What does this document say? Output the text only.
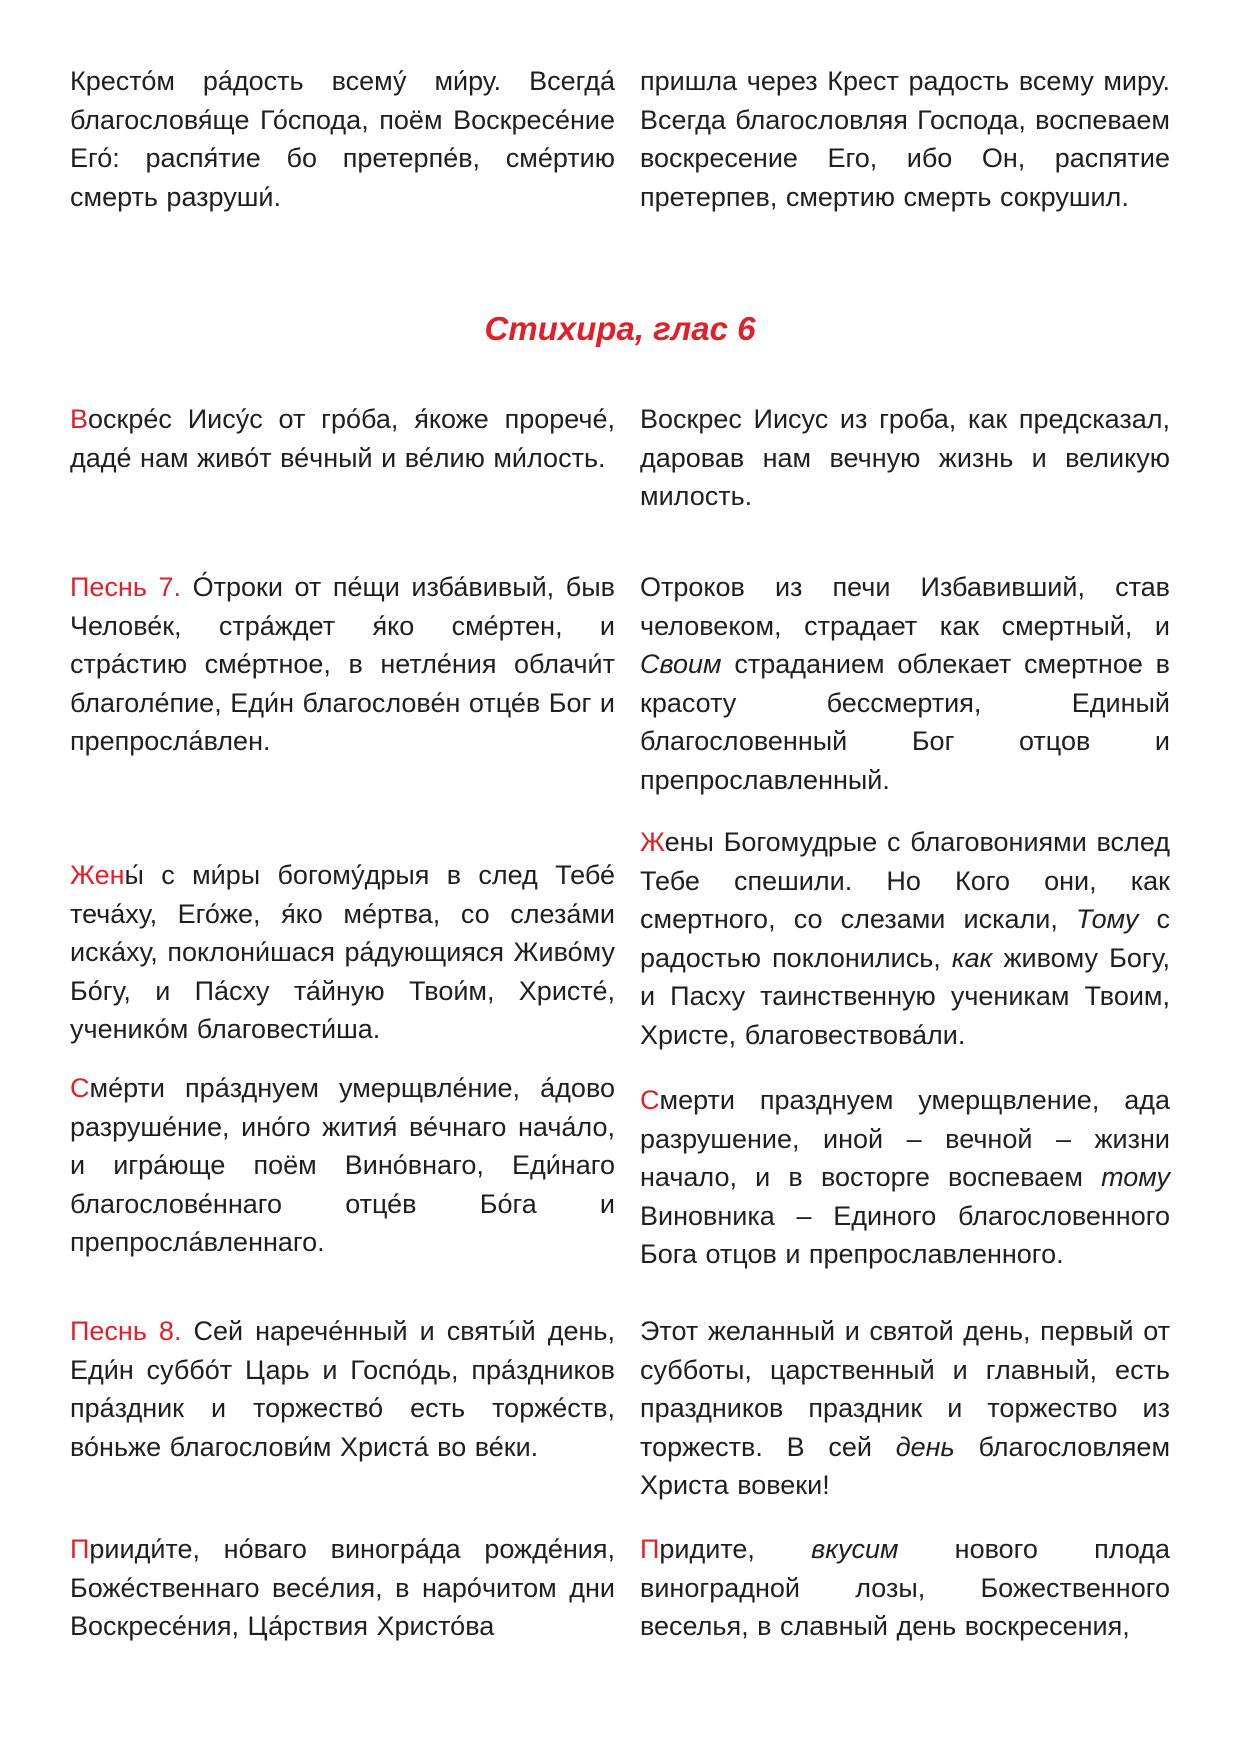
Кресто́м ра́дость всему́ ми́ру. Всегда́ благословя́ще Го́спода, поём Воскресе́ние Его́: распя́тие бо претерпе́в, сме́ртию смерть разруши́.
пришла через Крест радость всему миру. Всегда благословляя Господа, воспеваем воскресение Его, ибо Он, распятие претерпев, смертию смерть сокрушил.
Стихира, глас 6
Воскре́с Иису́с от гро́ба, я́коже прорече́, даде́ нам живо́т ве́чный и ве́лию ми́лость.
Воскрес Иисус из гроба, как предсказал, даровав нам вечную жизнь и великую милость.
Песнь 7. О́троки от пе́щи изба́вивый, быв Челове́к, стра́ждет я́ко сме́ртен, и стра́стию сме́ртное, в нетле́ния облачи́т благоле́пие, Еди́н благослове́н отце́в Бог и препросла́влен.
Отроков из печи Избавивший, став человеком, страдает как смертный, и Своим страданием облекает смертное в красоту бессмертия, Единый благословенный Бог отцов и препрославленный.
Жены́ с ми́ры богому́дрыя в след Тебе́ теча́ху, Его́же, я́ко ме́ртва, со слеза́ми иска́ху, поклони́шася ра́дующияся Живо́му Бо́гу, и Па́сху та́йную Твои́м, Христе́, ученико́м благовести́ша.
Жены Богомудрые с благовониями вслед Тебе спешили. Но Кого они, как смертного, со слезами искали, Тому с радостью поклонились, как живому Богу, и Пасху таинственную ученикам Твоим, Христе, благовествова́ли.
Сме́рти пра́зднуем умерщвле́ние, а́дово разруше́ние, ино́го жития́ ве́чнаго нача́ло, и игра́юще поём Вино́внаго, Еди́наго благослове́ннаго отце́в Бо́га и препросла́вленнаго.
Смерти празднуем умерщвление, ада разрушение, иной – вечной – жизни начало, и в восторге воспеваем тому Виновника – Единого благословенного Бога отцов и препрославленного.
Песнь 8. Сей нарече́нный и святы́й день, Еди́н суббо́т Царь и Госпо́дь, пра́здников пра́здник и торжество́ есть торже́ств, во́ньже благослови́м Христа́ во ве́ки.
Этот желанный и святой день, первый от субботы, царственный и главный, есть праздников праздник и торжество из торжеств. В сей день благословляем Христа вовеки!
Прииди́те, но́ваго виногра́да рожде́ния, Боже́ственнаго весе́лия, в наро́читом дни Воскресе́ния, Ца́рствия Христо́ва
Придите, вкусим нового плода виноградной лозы, Божественного веселья, в славный день воскресения,
